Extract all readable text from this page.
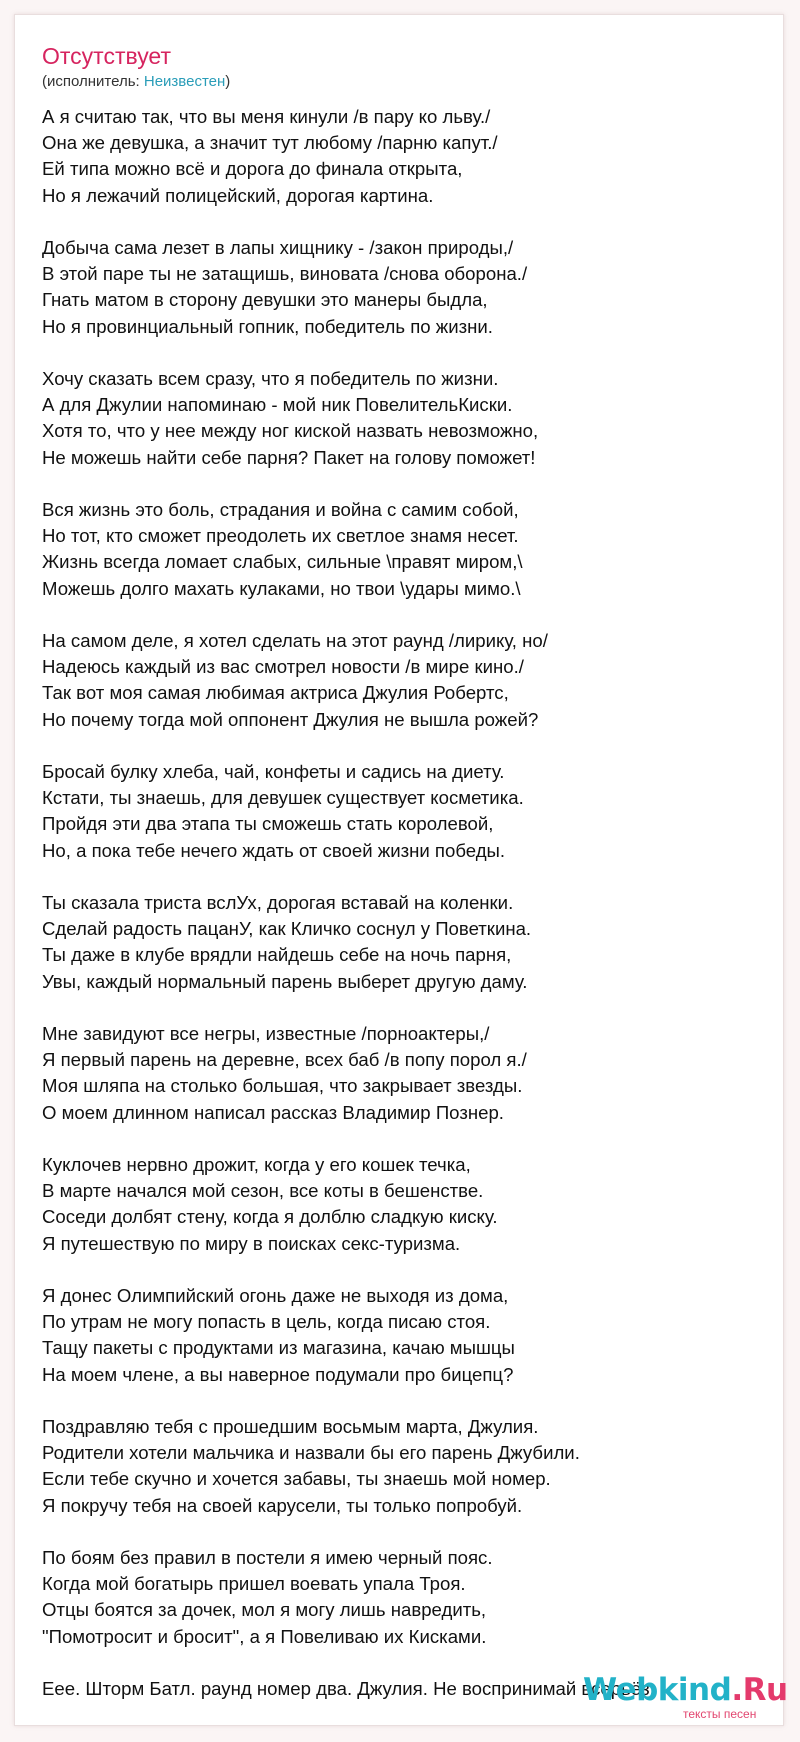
Отсутствует
(исполнитель: Неизвестен)
А я считаю так, что вы меня кинули /в пару ко льву./
Она же девушка, а значит тут любому /парню капут./
Ей типа можно всё и дорога до финала открыта,
Но я лежачий полицейский, дорогая картина.
Добыча сама лезет в лапы хищнику - /закон природы,/
В этой паре ты не затащишь, виновата /снова оборона./
Гнать матом в сторону девушки это манеры быдла,
Но я провинциальный гопник, победитель по жизни.
Хочу сказать всем сразу, что я победитель по жизни.
А для Джулии напоминаю - мой ник ПовелительКиски.
Хотя то, что у нее между ног киской назвать невозможно,
Не можешь найти себе парня? Пакет на голову поможет!
Вся жизнь это боль, страдания и война с самим собой,
Но тот, кто сможет преодолеть их светлое знамя несет.
Жизнь всегда ломает слабых, сильные \правят миром,\
Можешь долго махать кулаками, но твои \удары мимо.\
На самом деле, я хотел сделать на этот раунд /лирику, но/
Надеюсь каждый из вас смотрел новости /в мире кино./
Так вот моя самая любимая актриса Джулия Робертс,
Но почему тогда мой оппонент Джулия не вышла рожей?
Бросай булку хлеба, чай, конфеты и садись на диету.
Кстати, ты знаешь, для девушек существует косметика.
Пройдя эти два этапа ты сможешь стать королевой,
Но, а пока тебе нечего ждать от своей жизни победы.
Ты сказала триста вслУх, дорогая вставай на коленки.
Сделай радость пацанУ, как Кличко соснул у Поветкина.
Ты даже в клубе врядли найдешь себе на ночь парня,
Увы, каждый нормальный парень выберет другую даму.
Мне завидуют все негры, известные /порноактеры,/
Я первый парень на деревне, всех баб /в попу порол я./
Моя шляпа на столько большая, что закрывает звезды.
О моем длинном написал рассказ Владимир Познер.
Куклочев нервно дрожит, когда у его кошек течка,
В марте начался мой сезон, все коты в бешенстве.
Соседи долбят стену, когда я долблю сладкую киску.
Я путешествую по миру в поисках секс-туризма.
Я донес Олимпийский огонь даже не выходя из дома,
По утрам не могу попасть в цель, когда писаю стоя.
Тащу пакеты с продуктами из магазина, качаю мышцы
На моем члене, а вы наверное подумали про бицепц?
Поздравляю тебя с прошедшим восьмым марта, Джулия.
Родители хотели мальчика и назвали бы его парень Джубили.
Если тебе скучно и хочется забавы, ты знаешь мой номер.
Я покручу тебя на своей карусели, ты только попробуй.
По боям без правил в постели я имею черный пояс.
Когда мой богатырь пришел воевать упала Троя.
Отцы боятся за дочек, мол я могу лишь навредить,
"Помотросит и бросит", а я Повеливаю их Кисками.
Еее. Шторм Батл. раунд номер два. Джулия. Не воспринимай всерьёз.
Webkind.Ru
тексты песен
